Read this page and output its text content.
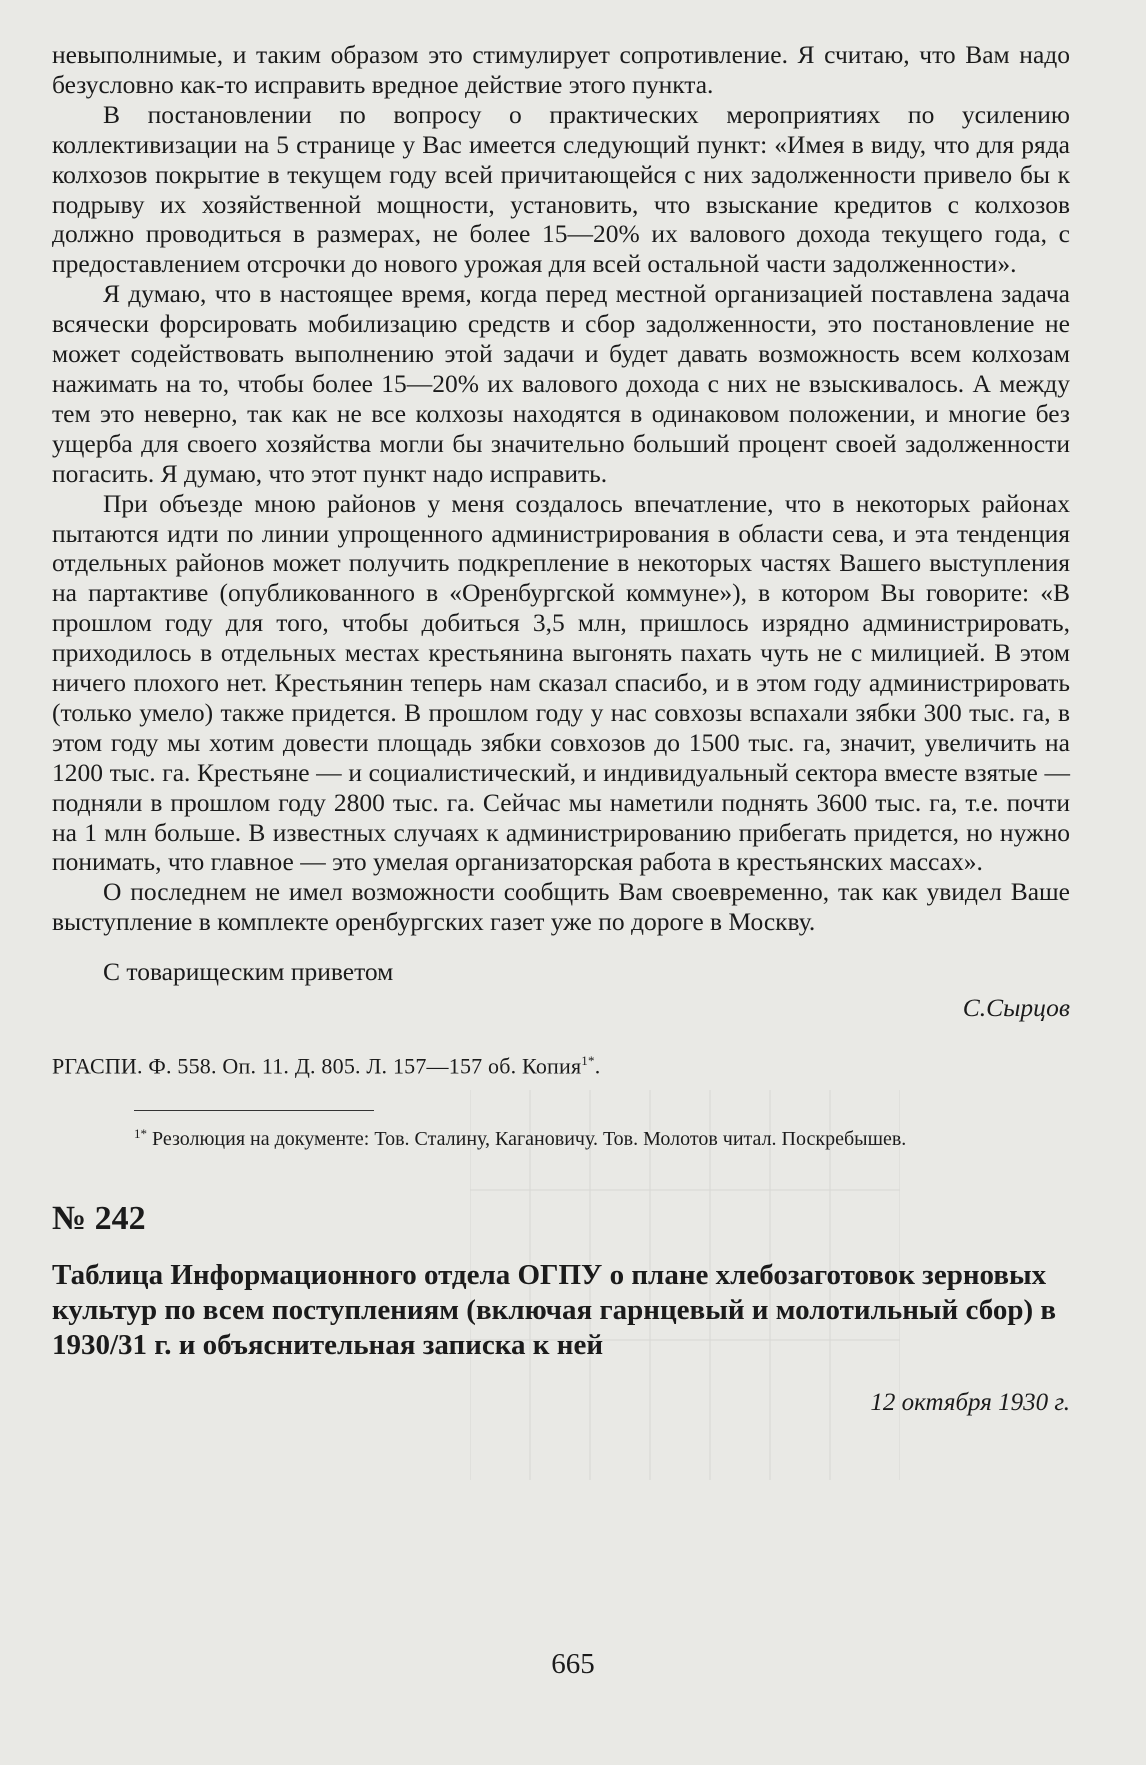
невыполнимые, и таким образом это стимулирует сопротивление. Я считаю, что Вам надо безусловно как-то исправить вредное действие этого пункта.

В постановлении по вопросу о практических мероприятиях по усилению коллективизации на 5 странице у Вас имеется следующий пункт: «Имея в виду, что для ряда колхозов покрытие в текущем году всей причитающейся с них задолженности привело бы к подрыву их хозяйственной мощности, установить, что взыскание кредитов с колхозов должно проводиться в размерах, не более 15—20% их валового дохода текущего года, с предоставлением отсрочки до нового урожая для всей остальной части задолженности».

Я думаю, что в настоящее время, когда перед местной организацией поставлена задача всячески форсировать мобилизацию средств и сбор задолженности, это постановление не может содействовать выполнению этой задачи и будет давать возможность всем колхозам нажимать на то, чтобы более 15—20% их валового дохода с них не взыскивалось. А между тем это неверно, так как не все колхозы находятся в одинаковом положении, и многие без ущерба для своего хозяйства могли бы значительно больший процент своей задолженности погасить. Я думаю, что этот пункт надо исправить.

При объезде мною районов у меня создалось впечатление, что в некоторых районах пытаются идти по линии упрощенного администрирования в области сева, и эта тенденция отдельных районов может получить подкрепление в некоторых частях Вашего выступления на партактиве (опубликованного в «Оренбургской коммуне»), в котором Вы говорите: «В прошлом году для того, чтобы добиться 3,5 млн, пришлось изрядно администрировать, приходилось в отдельных местах крестьянина выгонять пахать чуть не с милицией. В этом ничего плохого нет. Крестьянин теперь нам сказал спасибо, и в этом году администрировать (только умело) также придется. В прошлом году у нас совхозы вспахали зябки 300 тыс. га, в этом году мы хотим довести площадь зябки совхозов до 1500 тыс. га, значит, увеличить на 1200 тыс. га. Крестьяне — и социалистический, и индивидуальный сектора вместе взятые — подняли в прошлом году 2800 тыс. га. Сейчас мы наметили поднять 3600 тыс. га, т.е. почти на 1 млн больше. В известных случаях к администрированию прибегать придется, но нужно понимать, что главное — это умелая организаторская работа в крестьянских массах».

О последнем не имел возможности сообщить Вам своевременно, так как увидел Ваше выступление в комплекте оренбургских газет уже по дороге в Москву.

С товарищеским приветом

С.Сырцов

РГАСПИ. Ф. 558. Оп. 11. Д. 805. Л. 157—157 об. Копия$^{1*}$.

$^{1*}$ Резолюция на документе: Тов. Сталину, Кагановичу. Тов. Молотов читал. Поскребышев.

№ 242
Таблица Информационного отдела ОГПУ о плане хлебозаготовок зерновых культур по всем поступлениям (включая гарнцевый и молотильный сбор) в 1930/31 г. и объяснительная записка к ней
12 октября 1930 г.
665
